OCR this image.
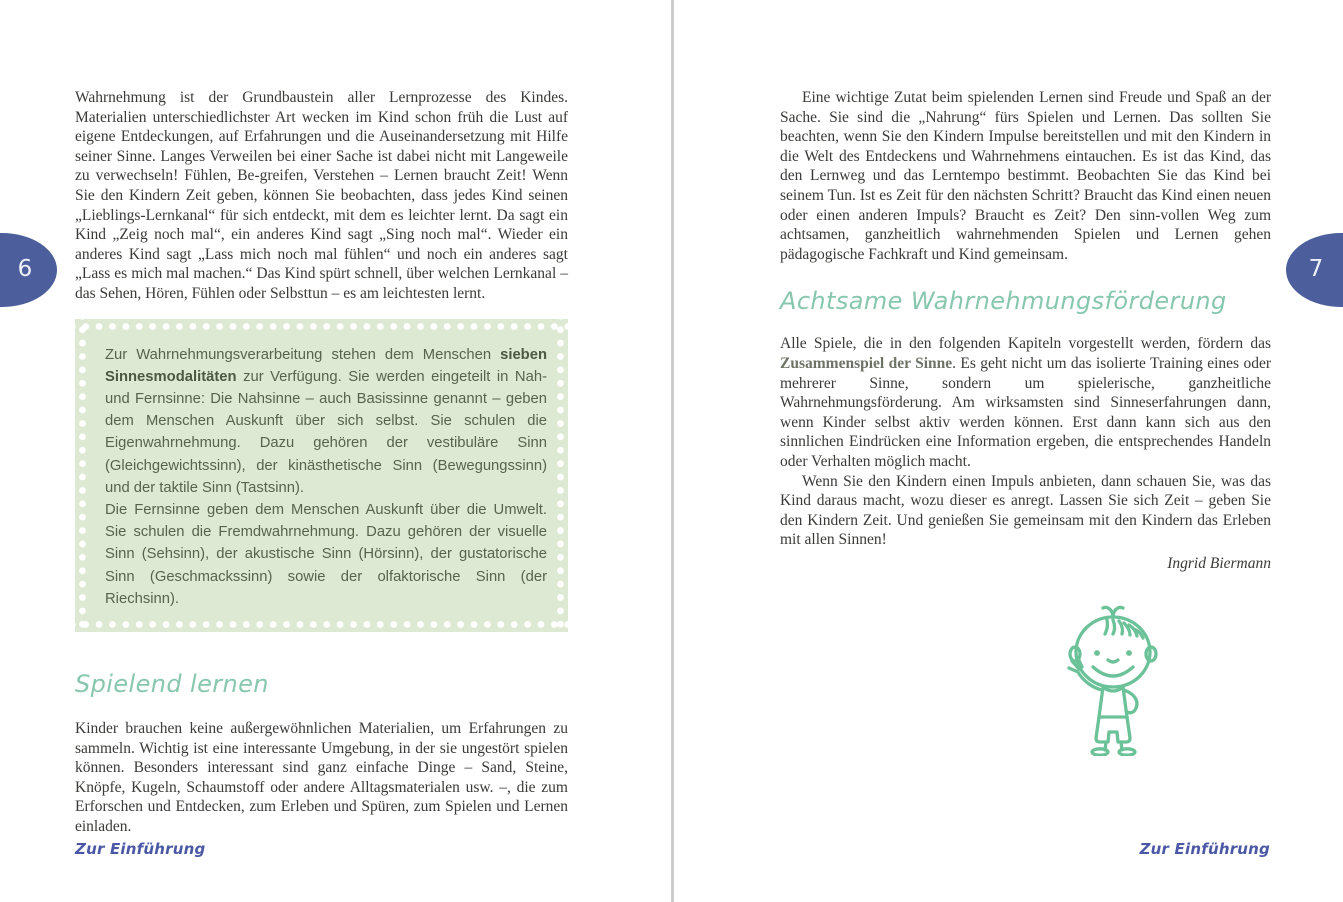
Wahrnehmung ist der Grundbaustein aller Lernprozesse des Kindes. Materialien unterschiedlichster Art wecken im Kind schon früh die Lust auf eigene Entdeckungen, auf Erfahrungen und die Auseinandersetzung mit Hilfe seiner Sinne. Langes Verweilen bei einer Sache ist dabei nicht mit Langeweile zu verwechseln! Fühlen, Be-greifen, Verstehen – Lernen braucht Zeit! Wenn Sie den Kindern Zeit geben, können Sie beobachten, dass jedes Kind seinen „Lieblings-Lernkanal“ für sich entdeckt, mit dem es leichter lernt. Da sagt ein Kind „Zeig noch mal“, ein anderes Kind sagt „Sing noch mal“. Wieder ein anderes Kind sagt „Lass mich noch mal fühlen“ und noch ein anderes sagt „Lass es mich mal machen.“ Das Kind spürt schnell, über welchen Lernkanal – das Sehen, Hören, Fühlen oder Selbsttun – es am leichtesten lernt.

Zur Wahrnehmungsverarbeitung stehen dem Menschen sieben Sinnesmodalitäten zur Verfügung. Sie werden eingeteilt in Nah- und Fernsinne: Die Nahsinne – auch Basissinne genannt – geben dem Menschen Auskunft über sich selbst. Sie schulen die Eigenwahrnehmung. Dazu gehören der vestibuläre Sinn (Gleichgewichtssinn), der kinästhetische Sinn (Bewegungssinn) und der taktile Sinn (Tastsinn).

Die Fernsinne geben dem Menschen Auskunft über die Umwelt. Sie schulen die Fremdwahrnehmung. Dazu gehören der visuelle Sinn (Sehsinn), der akustische Sinn (Hörsinn), der gustatorische Sinn (Geschmackssinn) sowie der olfaktorische Sinn (der Riechsinn).

Spielend lernen

Kinder brauchen keine außergewöhnlichen Materialien, um Erfahrungen zu sammeln. Wichtig ist eine interessante Umgebung, in der sie ungestört spielen können. Besonders interessant sind ganz einfache Dinge – Sand, Steine, Knöpfe, Kugeln, Schaumstoff oder andere Alltagsmaterialen usw. –, die zum Erforschen und Entdecken, zum Erleben und Spüren, zum Spielen und Lernen einladen.

Zur Einführung

Eine wichtige Zutat beim spielenden Lernen sind Freude und Spaß an der Sache. Sie sind die „Nahrung“ fürs Spielen und Lernen. Das sollten Sie beachten, wenn Sie den Kindern Impulse bereitstellen und mit den Kindern in die Welt des Entdeckens und Wahrnehmens eintauchen. Es ist das Kind, das den Lernweg und das Lerntempo bestimmt. Beobachten Sie das Kind bei seinem Tun. Ist es Zeit für den nächsten Schritt? Braucht das Kind einen neuen oder einen anderen Impuls? Braucht es Zeit? Den sinn-vollen Weg zum achtsamen, ganzheitlich wahrnehmenden Spielen und Lernen gehen pädagogische Fachkraft und Kind gemeinsam.

Achtsame Wahrnehmungsförderung

Alle Spiele, die in den folgenden Kapiteln vorgestellt werden, fördern das Zusammenspiel der Sinne. Es geht nicht um das isolierte Training eines oder mehrerer Sinne, sondern um spielerische, ganzheitliche Wahrnehmungsförderung. Am wirksamsten sind Sinneserfahrungen dann, wenn Kinder selbst aktiv werden können. Erst dann kann sich aus den sinnlichen Eindrücken eine Information ergeben, die entsprechendes Handeln oder Verhalten möglich macht.

Wenn Sie den Kindern einen Impuls anbieten, dann schauen Sie, was das Kind daraus macht, wozu dieser es anregt. Lassen Sie sich Zeit – geben Sie den Kindern Zeit. Und genießen Sie gemeinsam mit den Kindern das Erleben mit allen Sinnen!

Ingrid Biermann

Zur Einführung
6	7
